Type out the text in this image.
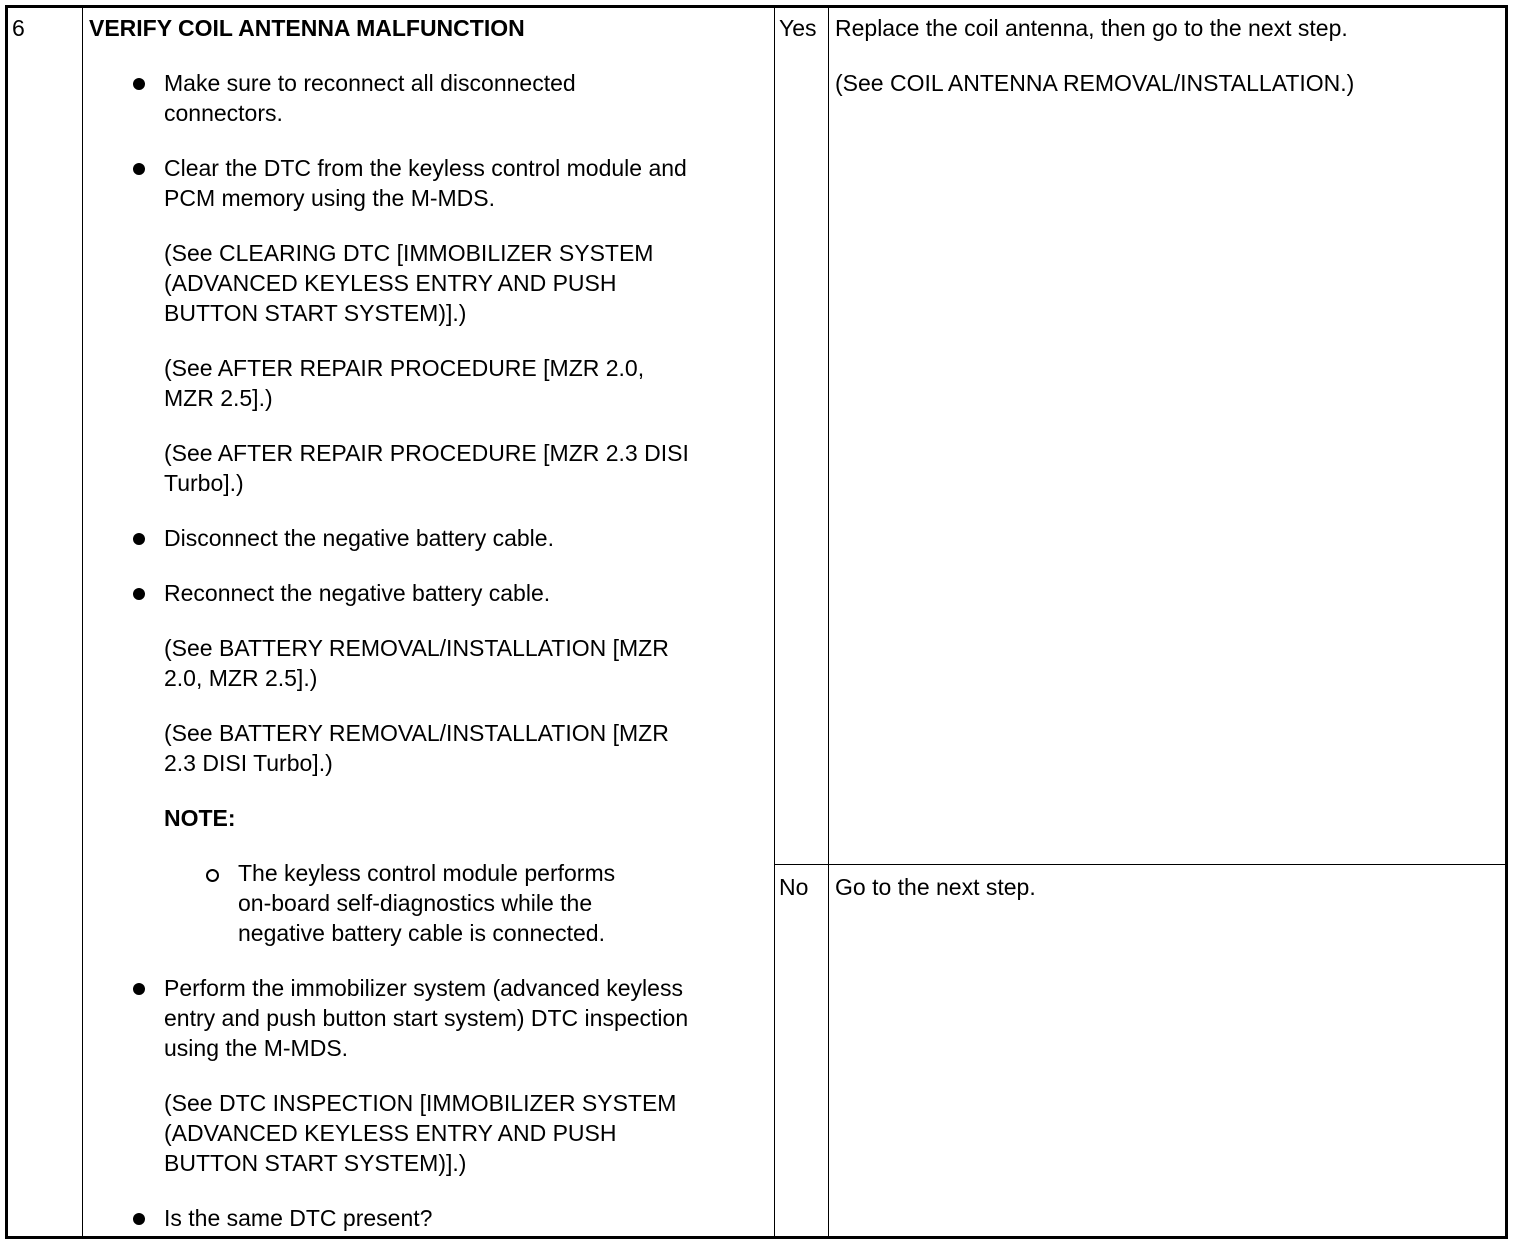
6	VERIFY COIL ANTENNA MALFUNCTION
Make sure to reconnect all disconnected
connectors.
Clear the DTC from the keyless control module and
PCM memory using the M-MDS.
(See CLEARING DTC [IMMOBILIZER SYSTEM
(ADVANCED KEYLESS ENTRY AND PUSH
BUTTON START SYSTEM)].)
(See AFTER REPAIR PROCEDURE [MZR 2.0,
MZR 2.5].)
(See AFTER REPAIR PROCEDURE [MZR 2.3 DISI
Turbo].)
Disconnect the negative battery cable.
Reconnect the negative battery cable.
(See BATTERY REMOVAL/INSTALLATION [MZR
2.0, MZR 2.5].)
(See BATTERY REMOVAL/INSTALLATION [MZR
2.3 DISI Turbo].)
NOTE:
The keyless control module performs
on-board self-diagnostics while the
negative battery cable is connected.
Perform the immobilizer system (advanced keyless
entry and push button start system) DTC inspection
using the M-MDS.
(See DTC INSPECTION [IMMOBILIZER SYSTEM
(ADVANCED KEYLESS ENTRY AND PUSH
BUTTON START SYSTEM)].)
Is the same DTC present?
Yes Replace the coil antenna, then go to the next step.
(See COIL ANTENNA REMOVAL/INSTALLATION.)
No Go to the next step.
